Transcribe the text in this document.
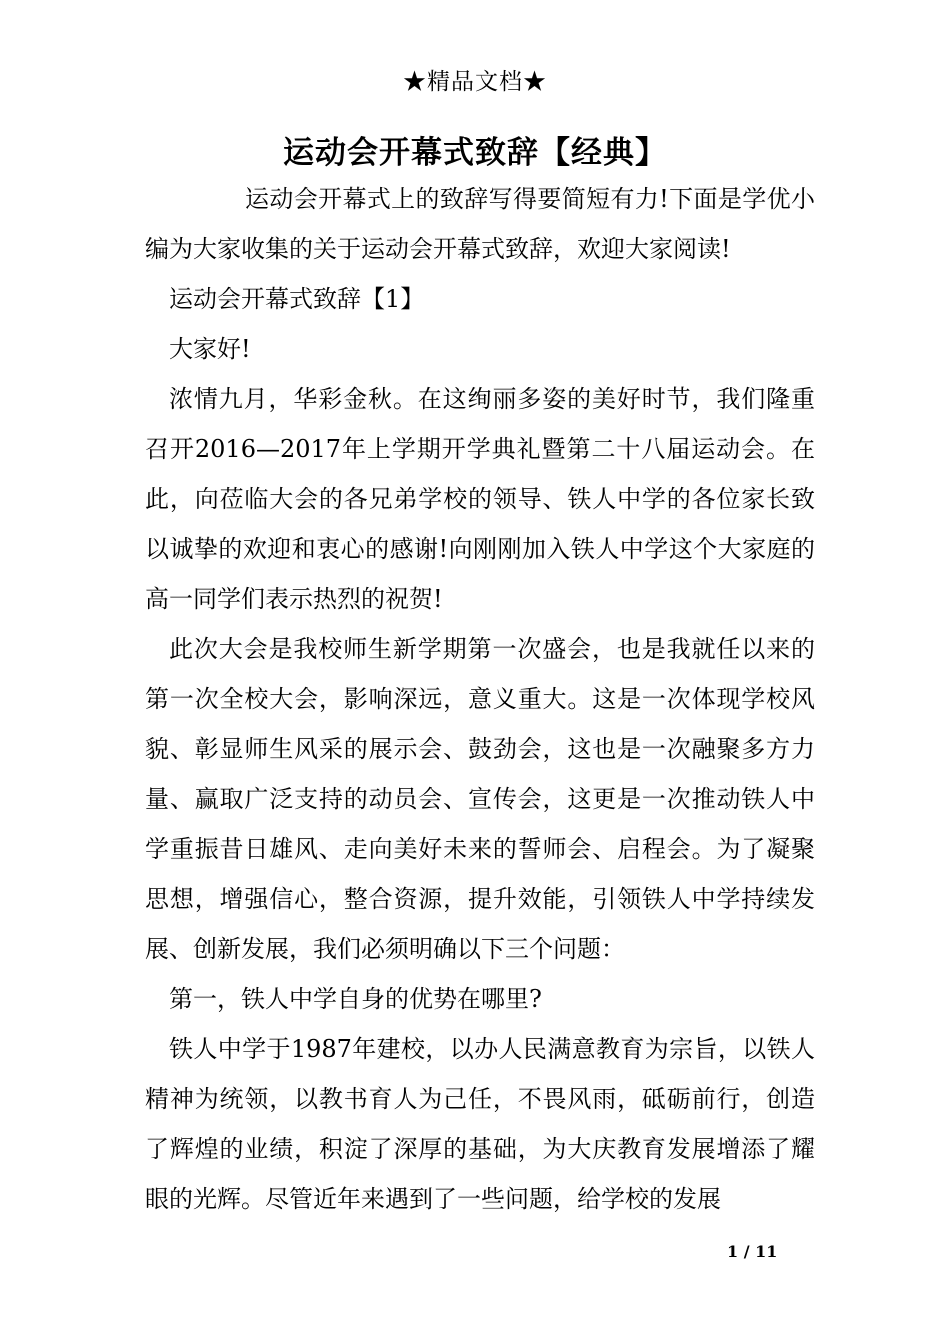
★精品文档★
运动会开幕式致辞【经典】

运动会开幕式上的致辞写得要简短有力!下面是学优小编为大家收集的关于运动会开幕式致辞，欢迎大家阅读!

运动会开幕式致辞【1】

大家好!

浓情九月，华彩金秋。在这绚丽多姿的美好时节，我们隆重召开2016—2017年上学期开学典礼暨第二十八届运动会。在此，向莅临大会的各兄弟学校的领导、铁人中学的各位家长致以诚挚的欢迎和衷心的感谢!向刚刚加入铁人中学这个大家庭的高一同学们表示热烈的祝贺!

此次大会是我校师生新学期第一次盛会，也是我就任以来的第一次全校大会，影响深远，意义重大。这是一次体现学校风貌、彰显师生风采的展示会、鼓劲会，这也是一次融聚多方力量、赢取广泛支持的动员会、宣传会，这更是一次推动铁人中学重振昔日雄风、走向美好未来的誓师会、启程会。为了凝聚思想，增强信心，整合资源，提升效能，引领铁人中学持续发展、创新发展，我们必须明确以下三个问题：

第一，铁人中学自身的优势在哪里?

铁人中学于1987年建校，以办人民满意教育为宗旨，以铁人精神为统领，以教书育人为己任，不畏风雨，砥砺前行，创造了辉煌的业绩，积淀了深厚的基础，为大庆教育发展增添了耀眼的光辉。尽管近年来遇到了一些问题，给学校的发展

1 / 11
